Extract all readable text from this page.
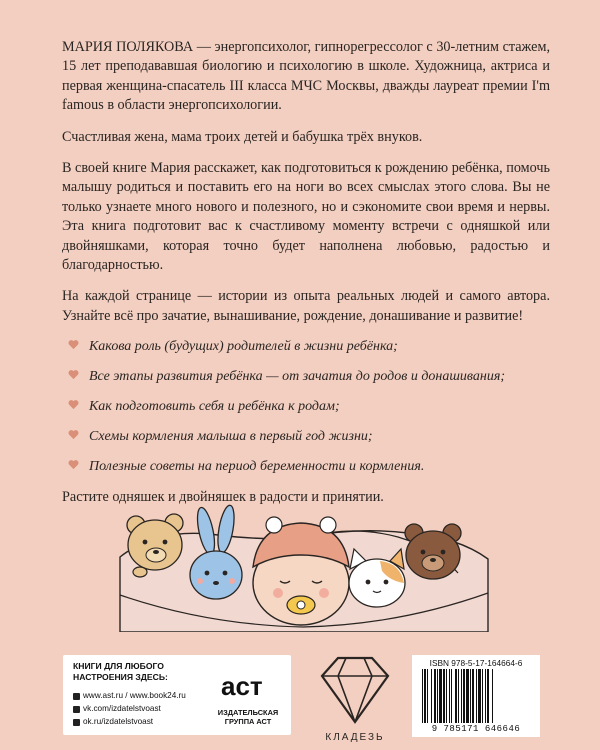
МАРИЯ ПОЛЯКОВА — энергопсихолог, гипнорегрессолог с 30-летним стажем, 15 лет преподававшая биологию и психологию в школе. Художница, актриса и первая женщина-спасатель III класса МЧС Москвы, дважды лауреат премии I'm famous в области энергопсихологии.

Счастливая жена, мама троих детей и бабушка трёх внуков.

В своей книге Мария расскажет, как подготовиться к рождению ребёнка, помочь малышу родиться и поставить его на ноги во всех смыслах этого слова. Вы не только узнаете много нового и полезного, но и сэкономите свои время и нервы. Эта книга подготовит вас к счастливому моменту встречи с одняшкой или двойняшками, которая точно будет наполнена любовью, радостью и благодарностью.

На каждой странице — истории из опыта реальных людей и самого автора. Узнайте всё про зачатие, вынашивание, рождение, донашивание и развитие!

Какова роль (будущих) родителей в жизни ребёнка;
Все этапы развития ребёнка — от зачатия до родов и донашивания;
Как подготовить себя и ребёнка к родам;
Схемы кормления малыша в первый год жизни;
Полезные советы на период беременности и кормления.

Растите одняшек и двойняшек в радости и принятии.

КНИГИ ДЛЯ ЛЮБОГО НАСТРОЕНИЯ ЗДЕСЬ:
www.ast.ru / www.book24.ru
vk.com/izdatelstvoast
ok.ru/izdatelstvoast
аст
ИЗДАТЕЛЬСКАЯ
ГРУППА АСТ
КЛАДЕЗЬ
ISBN 978-5-17-164664-6
9 785171 646646
